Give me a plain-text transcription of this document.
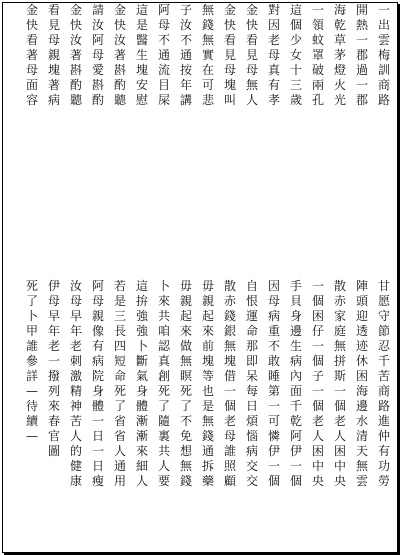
一出雲梅訓 商路
開熱一郡過一郡
海乾草茅燈火光
一領蚊罩破兩孔
這個少女十三歲
對因老母真有孝
金快看見母無人
金快看見母塊叫
無錢無實在可悲
子汝不通按年講
阿母不通流目屎
這是醫生塊安慰
金快汝著斟酌聽
請汝阿母愛斟酌
金快汝著斟酌聽
看見母親塊著病
金快看著母面容
甘愿守節忍千苦 商路進仲有功勞
陣頭迎透迹休困 海邊水清天無雲
散赤家庭無拼斯 一個老人困中央
一個困仔一個子 一個老人困中央
手貝身邊生病 內面千乾阿伊一個
因母病重不敢睡 第一可憐伊一個
自恨運命那即呆 每日煩惱病交交
散赤錢銀無塊借 一個老母誰照顧
毋親起來前塊等 也是無錢通拆藥
毋親起來做無瞑 死了不免想無錢
卜來共咱認真創 死了隨裏共人要
這拚強強卜斷氣 身體漸漸來細人
若是三長四短命 死了省省人通用
阿母親像有病院 身體一日一日瘦
汝母早年老 刺激精神苦人的健康
伊母早年老 一撥列來春官圖
死了卜甲誰參詳 —待續—
